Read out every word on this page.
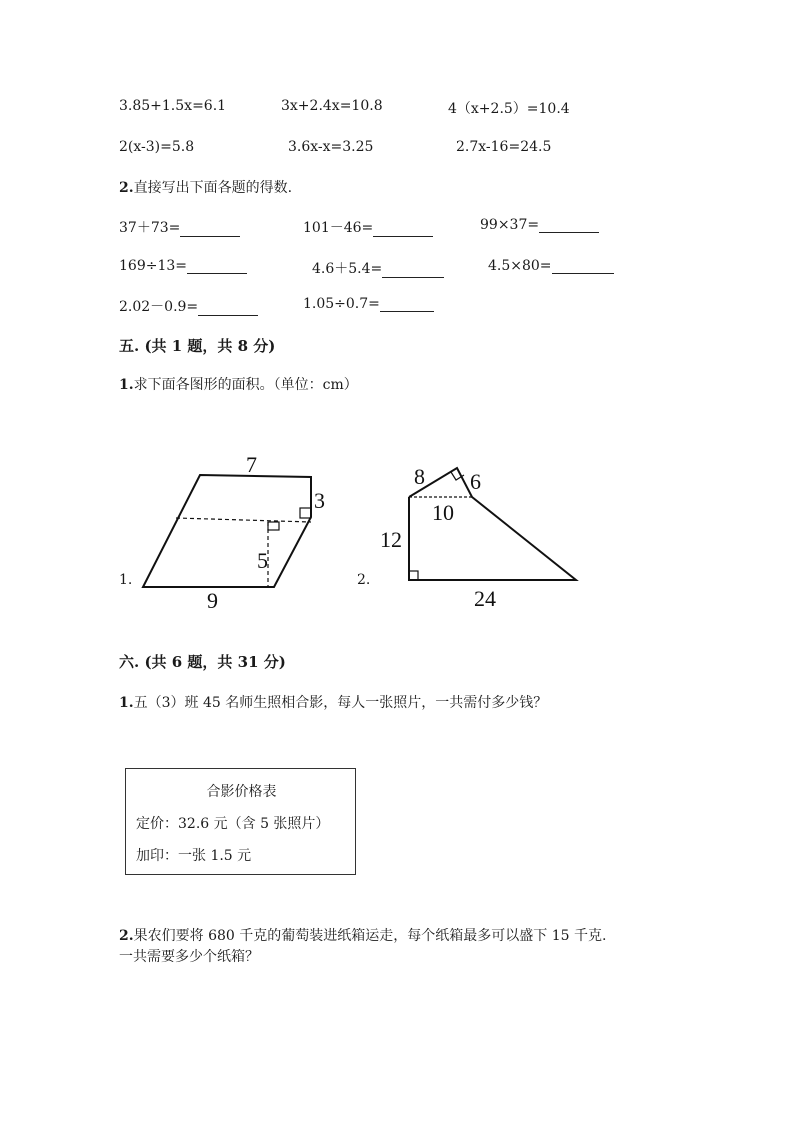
3.85+1.5x=6.1	3x+2.4x=10.8	4（x+2.5）=10.4
2(x-3)=5.8	3.6x-x=3.25	2.7x-16=24.5
2.直接写出下面各题的得数.
37＋73=	101－46=	99×37=
169÷13=	4.6＋5.4=	4.5×80=
2.02－0.9=	1.05÷0.7=
五. (共 1 题，共 8 分)
1.求下面各图形的面积。（单位：cm）
1.	2.
7
3
5
9
8 6
10
12
24
六. (共 6 题，共 31 分)
1.五（3）班 45 名师生照相合影，每人一张照片，一共需付多少钱？
合影价格表
定价：32.6 元（含 5 张照片）
加印：一张 1.5 元
2.果农们要将 680 千克的葡萄装进纸箱运走，每个纸箱最多可以盛下 15 千克.
一共需要多少个纸箱？
